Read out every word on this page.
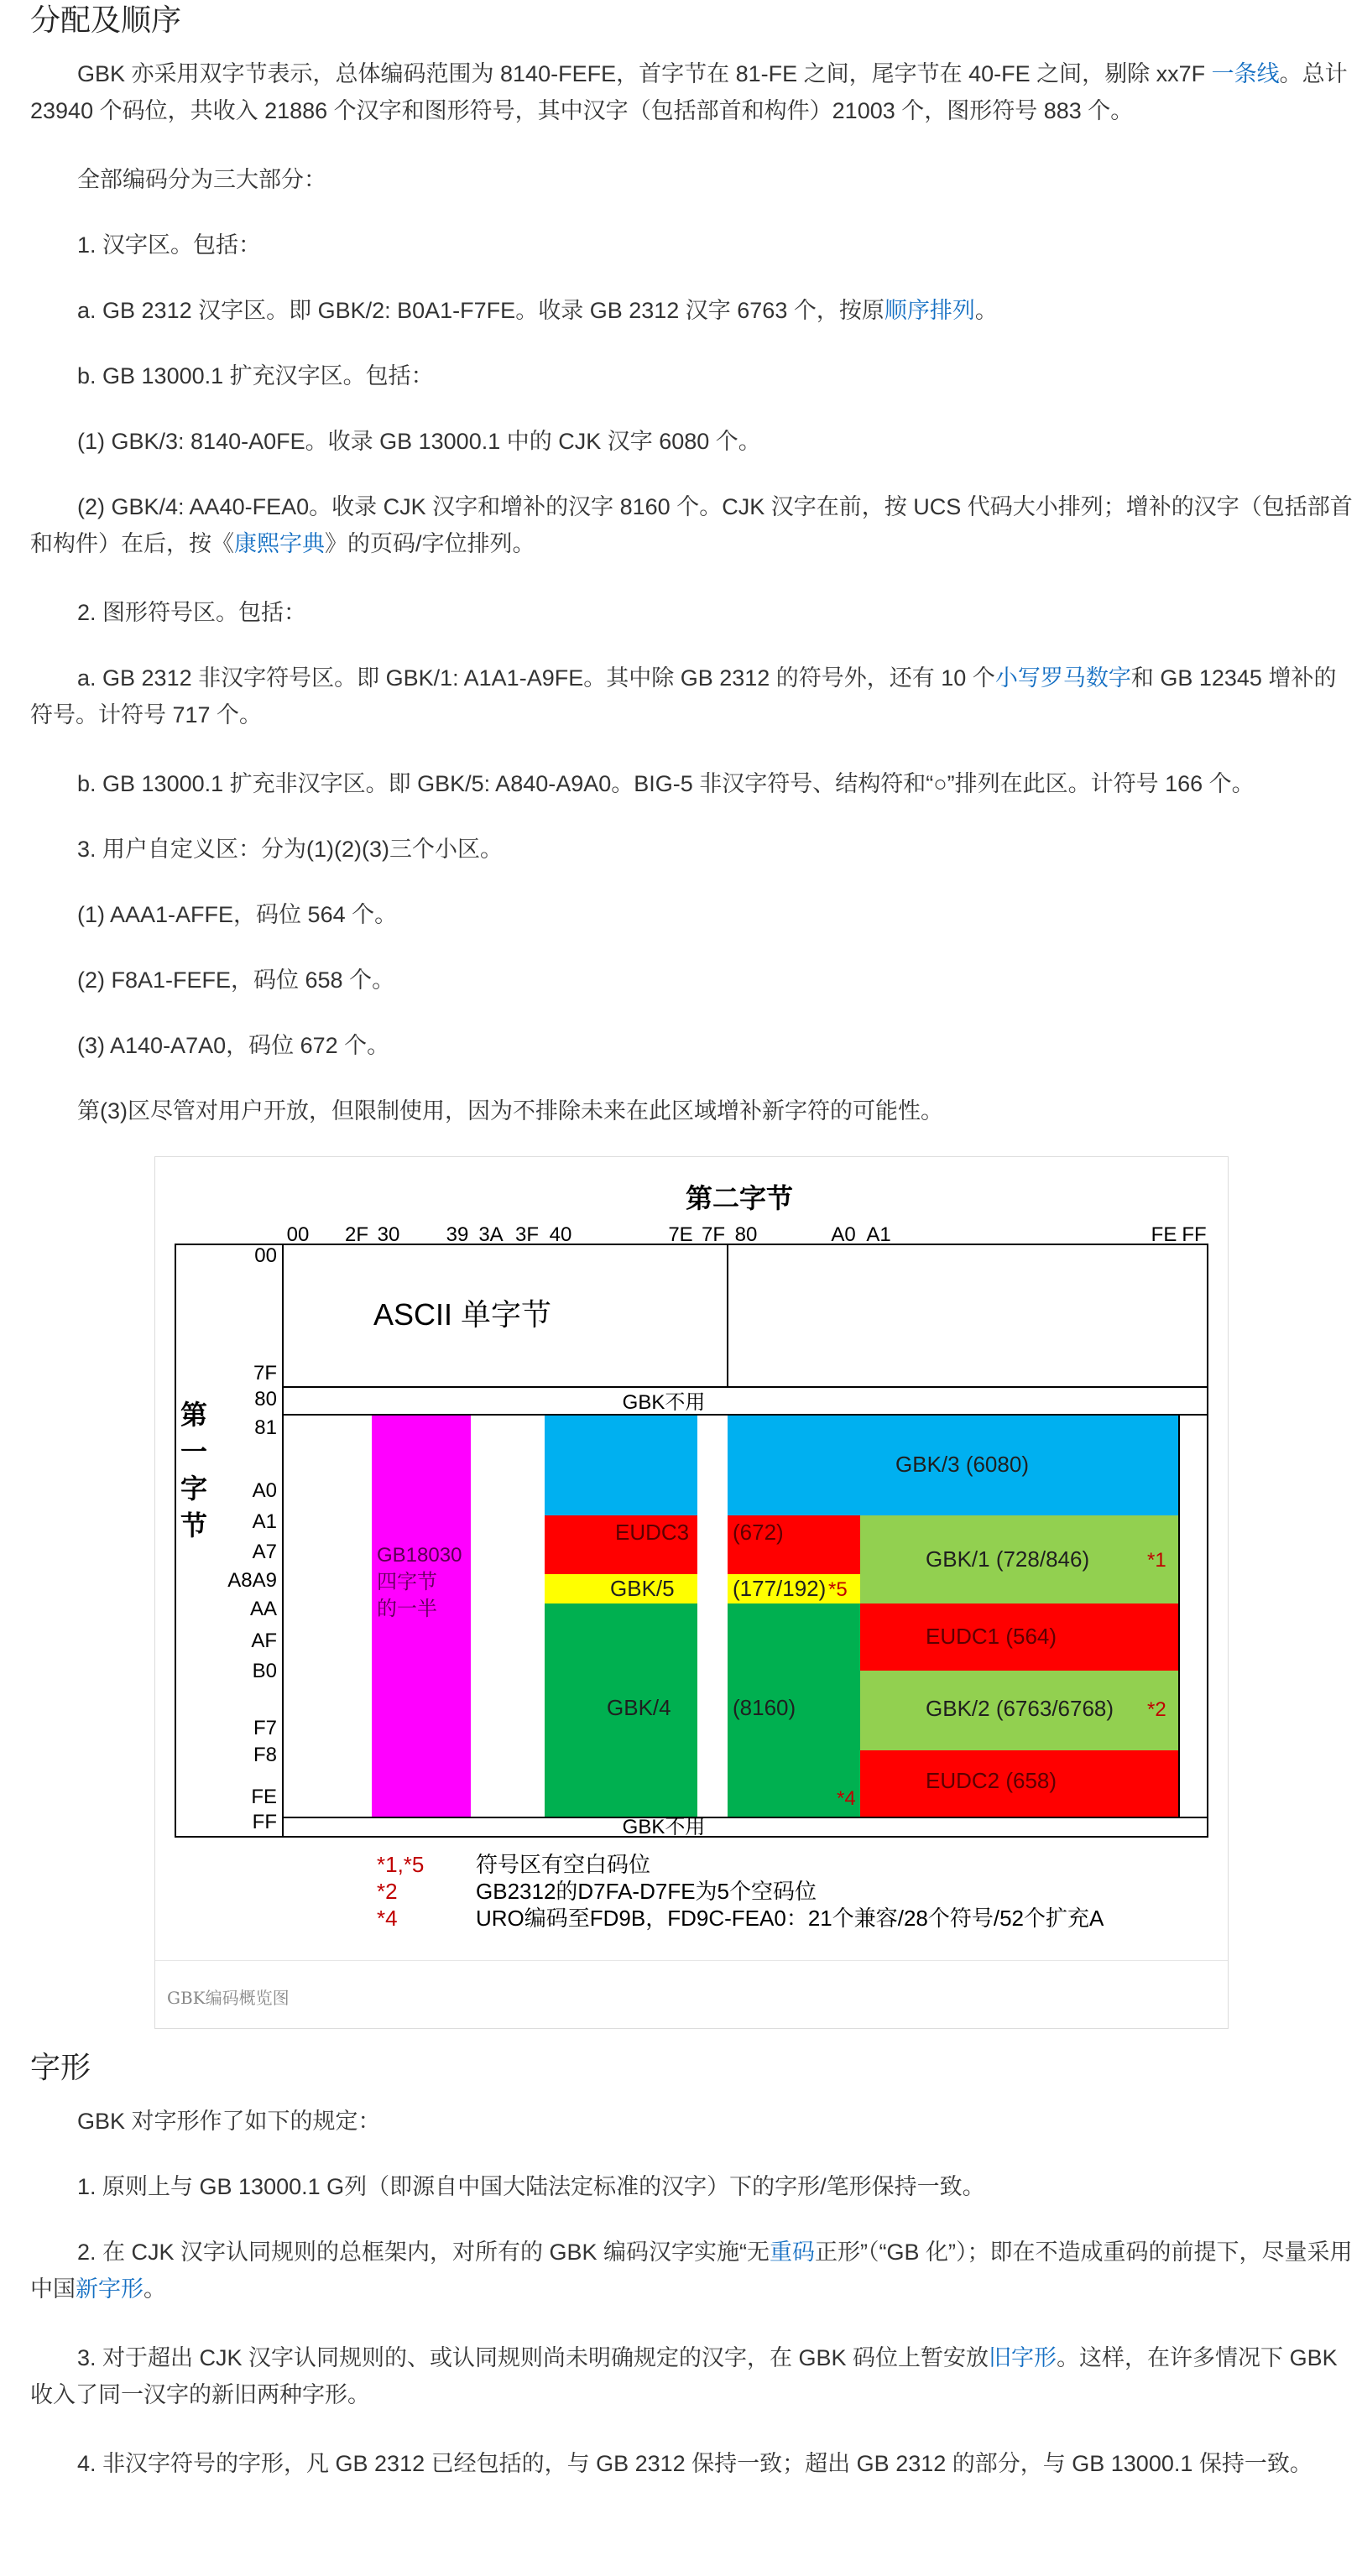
分配及顺序

GBK 亦采用双字节表示，总体编码范围为 8140-FEFE，首字节在 81-FE 之间，尾字节在 40-FE 之间，剔除 xx7F 一条线。总计 23940 个码位，共收入 21886 个汉字和图形符号，其中汉字（包括部首和构件）21003 个，图形符号 883 个。

全部编码分为三大部分：

1. 汉字区。包括：

a. GB 2312 汉字区。即 GBK/2: B0A1-F7FE。收录 GB 2312 汉字 6763 个，按原顺序排列。

b. GB 13000.1 扩充汉字区。包括：

(1) GBK/3: 8140-A0FE。收录 GB 13000.1 中的 CJK 汉字 6080 个。

(2) GBK/4: AA40-FEA0。收录 CJK 汉字和增补的汉字 8160 个。CJK 汉字在前，按 UCS 代码大小排列；增补的汉字（包括部首和构件）在后，按《康熙字典》的页码/字位排列。

2. 图形符号区。包括：

a. GB 2312 非汉字符号区。即 GBK/1: A1A1-A9FE。其中除 GB 2312 的符号外，还有 10 个小写罗马数字和 GB 12345 增补的符号。计符号 717 个。

b. GB 13000.1 扩充非汉字区。即 GBK/5: A840-A9A0。BIG-5 非汉字符号、结构符和“○”排列在此区。计符号 166 个。

3. 用户自定义区：分为(1)(2)(3)三个小区。

(1) AAA1-AFFE，码位 564 个。

(2) F8A1-FEFE，码位 658 个。

(3) A140-A7A0，码位 672 个。

第(3)区尽管对用户开放，但限制使用，因为不排除未来在此区域增补新字符的可能性。

第二字节
00 2F 30 39 3A 3F 40	7E 7F 80	A0 A1	FE FF
00
7F
80
81
A0
A1
A7
A8A9
AA
AF
B0
F7
F8
FE
FF
第
一
字
节
ASCII 单字节
GBK不用
GBK不用
GB18030
四字节
的一半
GBK/3 (6080)
EUDC3 (672)
GBK/1 (728/846)	*1
GBK/5	(177/192) *5
EUDC1 (564)
GBK/4	(8160)
*4
GBK/2 (6763/6768) *2
EUDC2 (658)
*1,*5 符号区有空白码位
*2	GB2312的D7FA-D7FE为5个空码位
*4	URO编码至FD9B，FD9C-FEA0：21个兼容/28个符号/52个扩充A
GBK编码概览图
字形

GBK 对字形作了如下的规定：

1. 原则上与 GB 13000.1 G列（即源自中国大陆法定标准的汉字）下的字形/笔形保持一致。

2. 在 CJK 汉字认同规则的总框架内，对所有的 GBK 编码汉字实施“无重码正形”（“GB 化”）；即在不造成重码的前提下，尽量采用中国新字形。

3. 对于超出 CJK 汉字认同规则的、或认同规则尚未明确规定的汉字，在 GBK 码位上暂安放旧字形。这样，在许多情况下 GBK 收入了同一汉字的新旧两种字形。

4. 非汉字符号的字形，凡 GB 2312 已经包括的，与 GB 2312 保持一致；超出 GB 2312 的部分，与 GB 13000.1 保持一致。
